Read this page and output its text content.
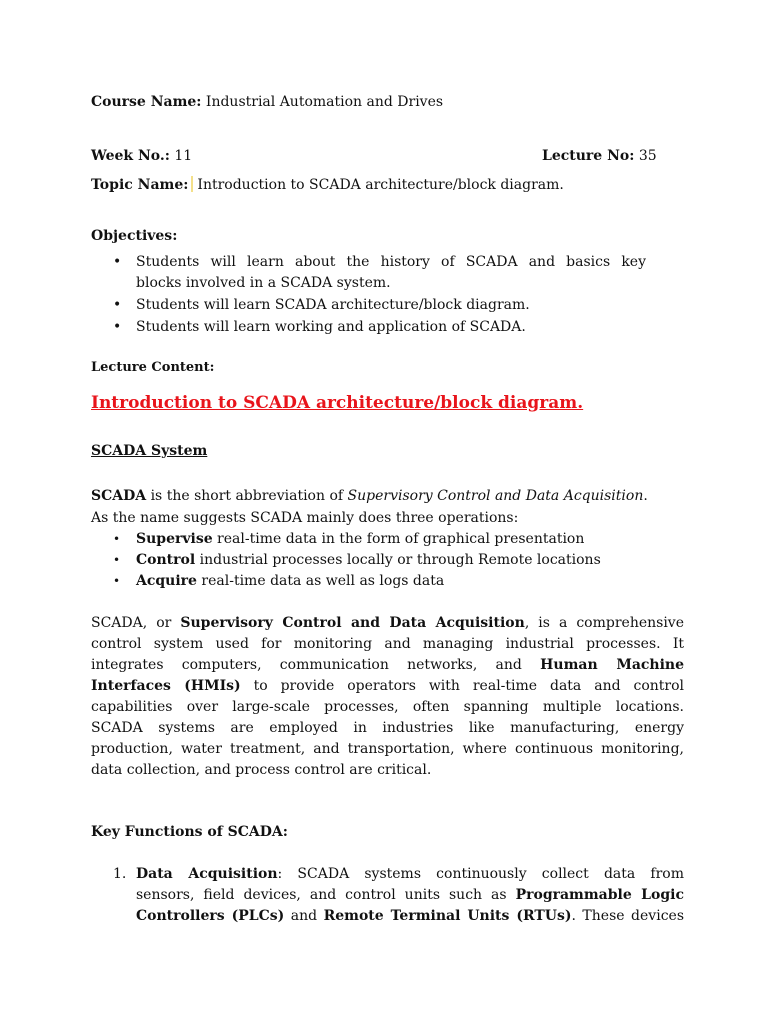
Course Name: Industrial Automation and Drives
Week No.: 11	Lecture No: 35
Topic Name: Introduction to SCADA architecture/block diagram.
Objectives:
• Students will learn about the history of SCADA and basics key
blocks involved in a SCADA system.
• Students will learn SCADA architecture/block diagram.
• Students will learn working and application of SCADA.
Lecture Content:
Introduction to SCADA architecture/block diagram.
SCADA System
SCADA is the short abbreviation of Supervisory Control and Data Acquisition.
As the name suggests SCADA mainly does three operations:
• Supervise real-time data in the form of graphical presentation
• Control industrial processes locally or through Remote locations
• Acquire real-time data as well as logs data
SCADA, or Supervisory Control and Data Acquisition, is a comprehensive
control system used for monitoring and managing industrial processes. It
integrates computers, communication networks, and Human Machine
Interfaces (HMIs) to provide operators with real-time data and control
capabilities over large-scale processes, often spanning multiple locations.
SCADA systems are employed in industries like manufacturing, energy
production, water treatment, and transportation, where continuous monitoring,
data collection, and process control are critical.
Key Functions of SCADA:
1. Data Acquisition: SCADA systems continuously collect data from
sensors, field devices, and control units such as Programmable Logic
Controllers (PLCs) and Remote Terminal Units (RTUs). These devices
